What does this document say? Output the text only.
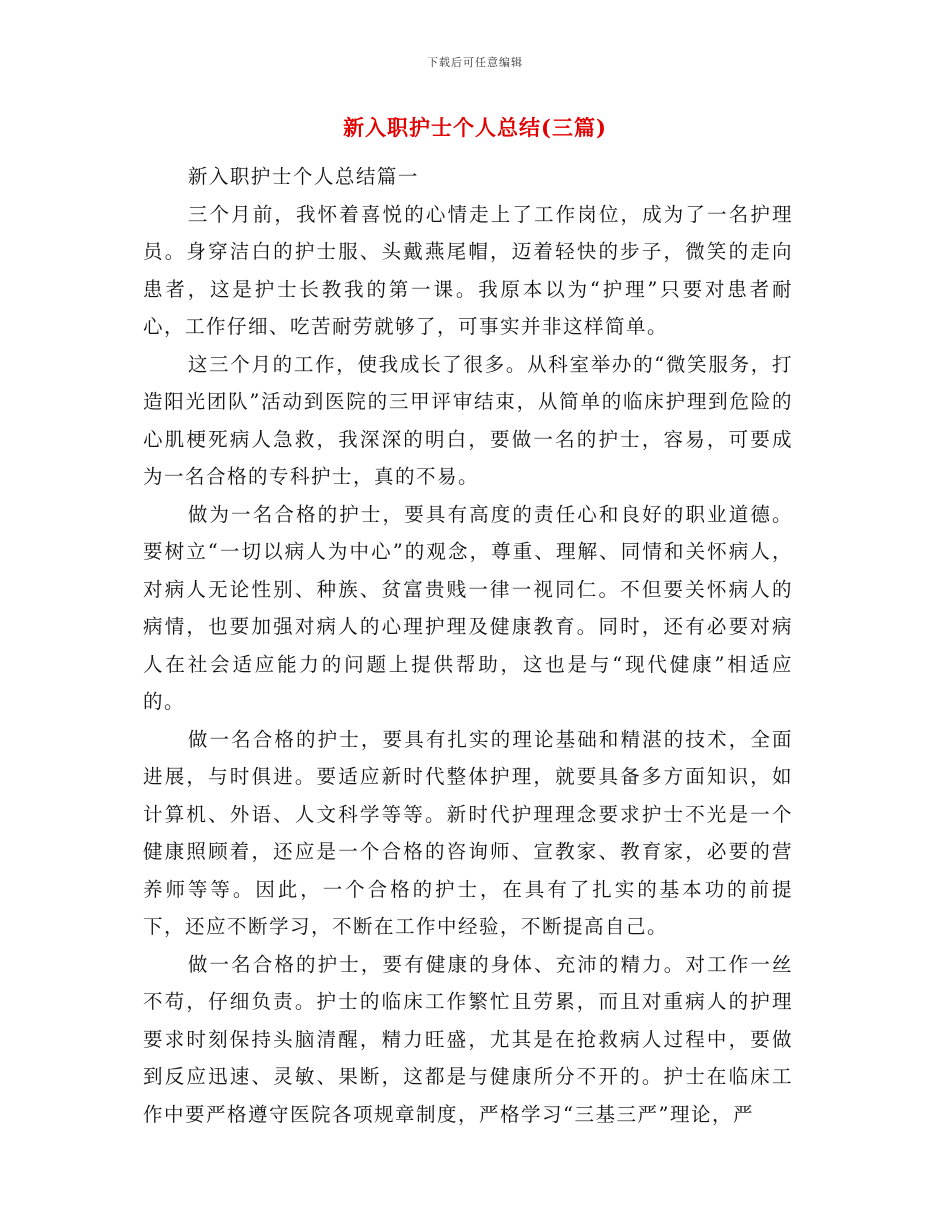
下载后可任意编辑
新入职护士个人总结(三篇)

新入职护士个人总结篇一

三个月前，我怀着喜悦的心情走上了工作岗位，成为了一名护理员。身穿洁白的护士服、头戴燕尾帽，迈着轻快的步子，微笑的走向患者，这是护士长教我的第一课。我原本以为“护理”只要对患者耐心，工作仔细、吃苦耐劳就够了，可事实并非这样简单。

这三个月的工作，使我成长了很多。从科室举办的“微笑服务，打造阳光团队”活动到医院的三甲评审结束，从简单的临床护理到危险的心肌梗死病人急救，我深深的明白，要做一名的护士，容易，可要成为一名合格的专科护士，真的不易。

做为一名合格的护士，要具有高度的责任心和良好的职业道德。要树立“一切以病人为中心”的观念，尊重、理解、同情和关怀病人，对病人无论性别、种族、贫富贵贱一律一视同仁。不但要关怀病人的病情，也要加强对病人的心理护理及健康教育。同时，还有必要对病人在社会适应能力的问题上提供帮助，这也是与“现代健康”相适应的。

做一名合格的护士，要具有扎实的理论基础和精湛的技术，全面进展，与时俱进。要适应新时代整体护理，就要具备多方面知识，如计算机、外语、人文科学等等。新时代护理理念要求护士不光是一个健康照顾着，还应是一个合格的咨询师、宣教家、教育家，必要的营养师等等。因此，一个合格的护士，在具有了扎实的基本功的前提下，还应不断学习，不断在工作中经验，不断提高自己。

做一名合格的护士，要有健康的身体、充沛的精力。对工作一丝不苟，仔细负责。护士的临床工作繁忙且劳累，而且对重病人的护理要求时刻保持头脑清醒，精力旺盛，尤其是在抢救病人过程中，要做到反应迅速、灵敏、果断，这都是与健康所分不开的。护士在临床工作中要严格遵守医院各项规章制度，严格学习“三基三严”理论，严
